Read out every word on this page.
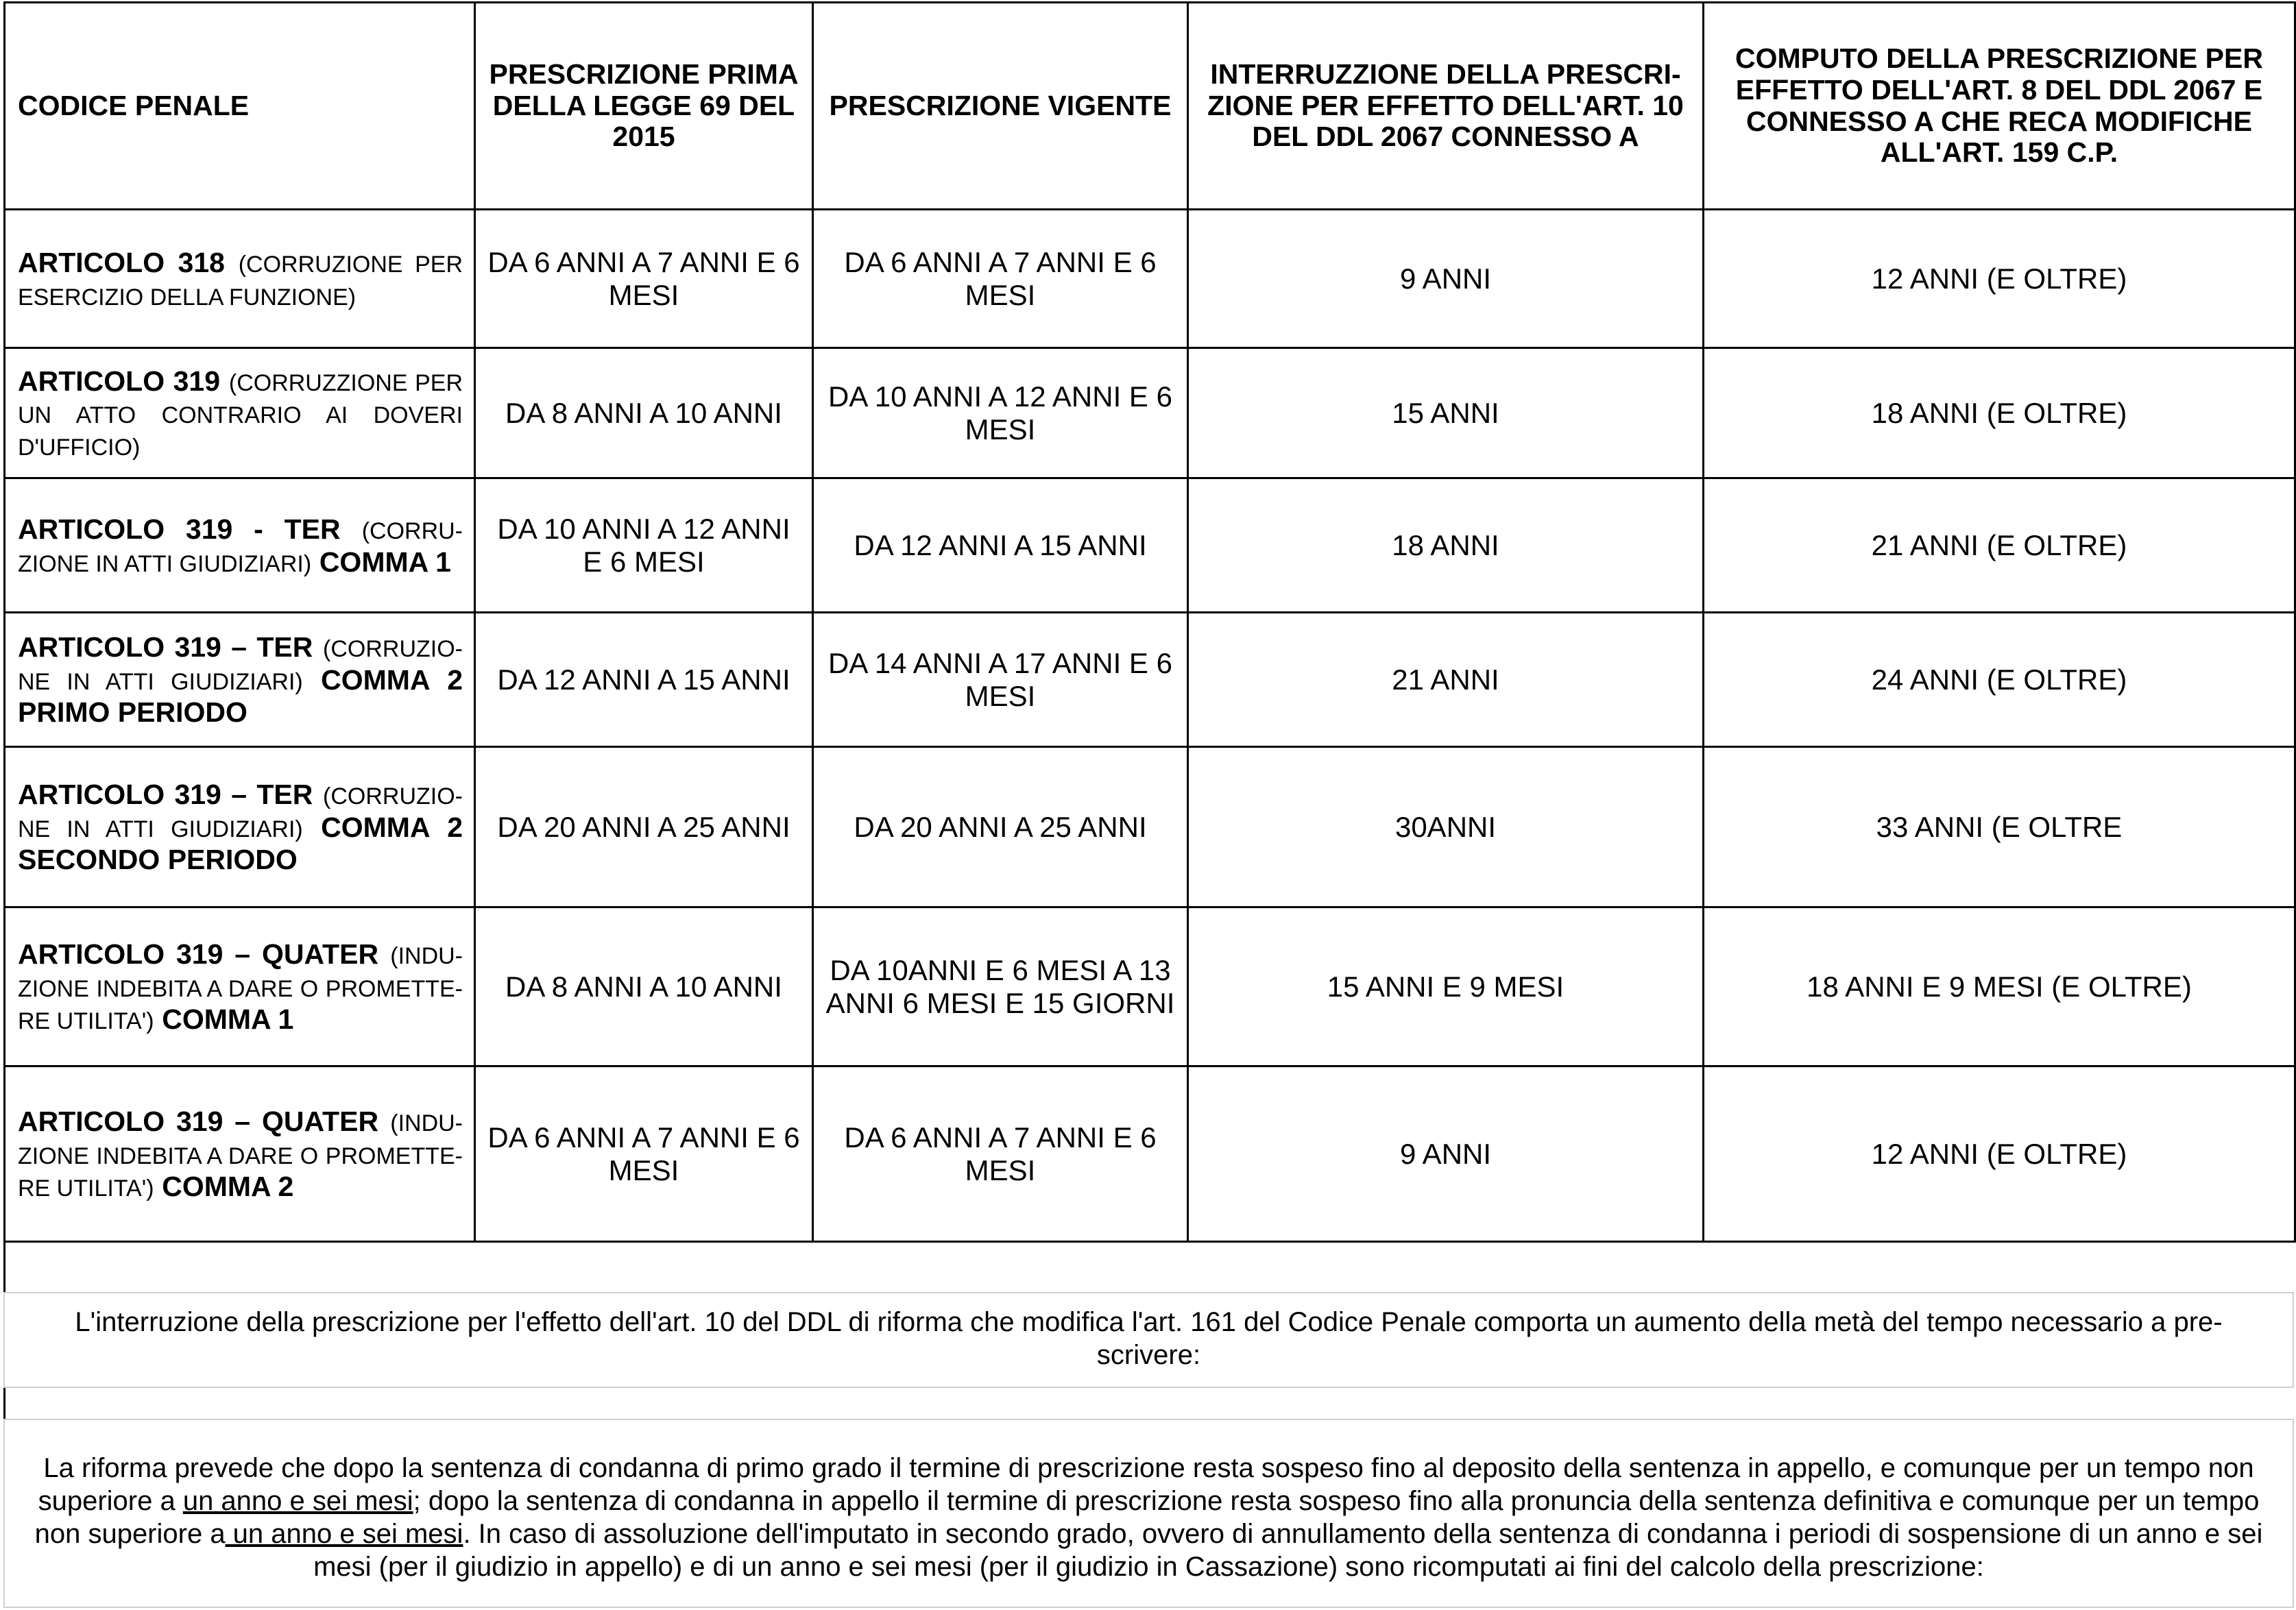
CODICE PENALE	PRESCRIZIONE PRIMA DELLA LEGGE 69 DEL 2015	PRESCRIZIONE VIGENTE	INTERRUZZIONE DELLA PRESCRI-ZIONE PER EFFETTO DELL'ART. 10 DEL DDL 2067 CONNESSO A	COMPUTO DELLA PRESCRIZIONE PER EFFETTO DELL'ART. 8 DEL DDL 2067 E CONNESSO A CHE RECA MODIFICHE ALL'ART. 159 C.P.
ARTICOLO 318 (CORRUZIONE PER ESERCIZIO DELLA FUNZIONE)	DA 6 ANNI A 7 ANNI E 6 MESI	DA 6 ANNI A 7 ANNI E 6 MESI	9 ANNI	12 ANNI (E OLTRE)
ARTICOLO 319 (CORRUZZIONE PER UN ATTO CONTRARIO AI DOVERI D'UFFICIO)	DA 8 ANNI A 10 ANNI	DA 10 ANNI A 12 ANNI E 6 MESI	15 ANNI	18 ANNI (E OLTRE)
ARTICOLO 319 - TER (CORRU-ZIONE IN ATTI GIUDIZIARI) COMMA 1	DA 10 ANNI A 12 ANNI E 6 MESI	DA 12 ANNI A 15 ANNI	18 ANNI	21 ANNI (E OLTRE)
ARTICOLO 319 – TER (CORRUZIO-NE IN ATTI GIUDIZIARI) COMMA 2 PRIMO PERIODO	DA 12 ANNI A 15 ANNI	DA 14 ANNI A 17 ANNI E 6 MESI	21 ANNI	24 ANNI (E OLTRE)
ARTICOLO 319 – TER (CORRUZIO-NE IN ATTI GIUDIZIARI) COMMA 2 SECONDO PERIODO	DA 20 ANNI A 25 ANNI	DA 20 ANNI A 25 ANNI	30ANNI	33 ANNI (E OLTRE
ARTICOLO 319 – QUATER (INDU-ZIONE INDEBITA A DARE O PROMETTE-RE UTILITA') COMMA 1	DA 8 ANNI A 10 ANNI	DA 10ANNI E 6 MESI A 13 ANNI 6 MESI E 15 GIORNI	15 ANNI E 9 MESI	18 ANNI E 9 MESI (E OLTRE)
ARTICOLO 319 – QUATER (INDU-ZIONE INDEBITA A DARE O PROMETTE-RE UTILITA') COMMA 2	DA 6 ANNI A 7 ANNI E 6 MESI	DA 6 ANNI A 7 ANNI E 6 MESI	9 ANNI	12 ANNI (E OLTRE)
L'interruzione della prescrizione per l'effetto dell'art. 10 del DDL di riforma che modifica l'art. 161 del Codice Penale comporta un aumento della metà del tempo necessario a pre-scrivere:
La riforma prevede che dopo la sentenza di condanna di primo grado il termine di prescrizione resta sospeso fino al deposito della sentenza in appello, e comunque per un tempo non superiore a un anno e sei mesi; dopo la sentenza di condanna in appello il termine di prescrizione resta sospeso fino alla pronuncia della sentenza definitiva e comunque per un tempo non superiore a un anno e sei mesi. In caso di assoluzione dell'imputato in secondo grado, ovvero di annullamento della sentenza di condanna i periodi di sospensione di un anno e sei mesi (per il giudizio in appello) e di un anno e sei mesi (per il giudizio in Cassazione) sono ricomputati ai fini del calcolo della prescrizione:
